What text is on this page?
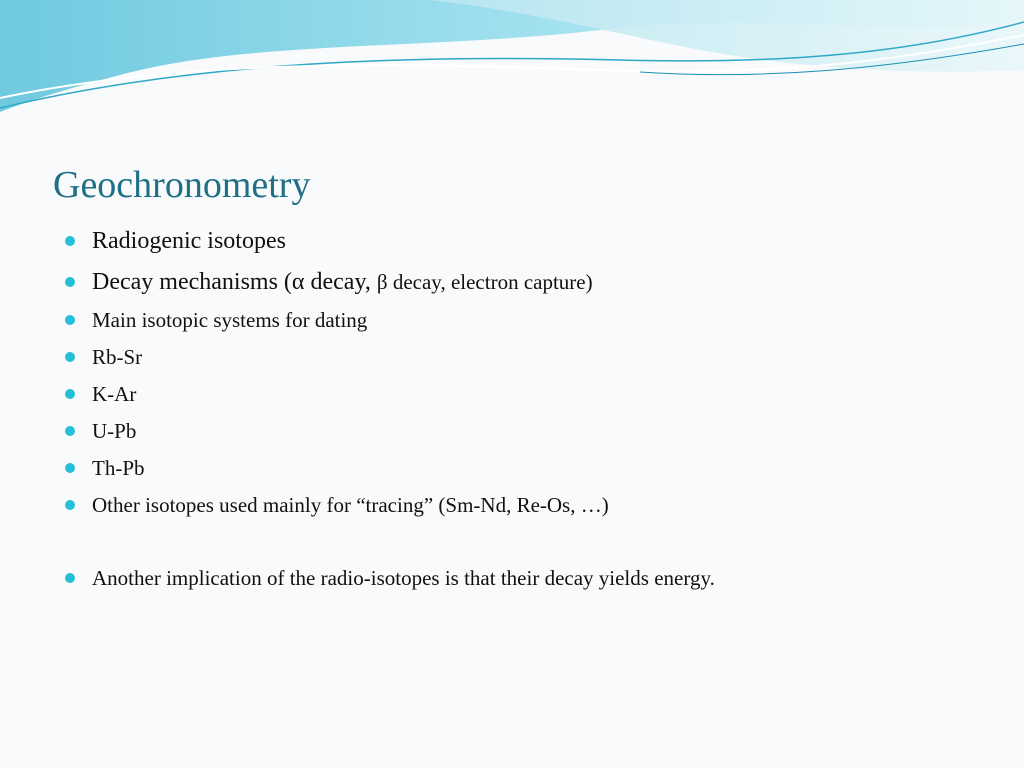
Geochronometry
Radiogenic isotopes
Decay mechanisms (α decay, β decay, electron capture)
Main isotopic systems for dating
Rb-Sr
K-Ar
U-Pb
Th-Pb
Other isotopes used mainly for “tracing” (Sm-Nd, Re-Os, …)
Another implication of the radio-isotopes is that their decay yields energy.
